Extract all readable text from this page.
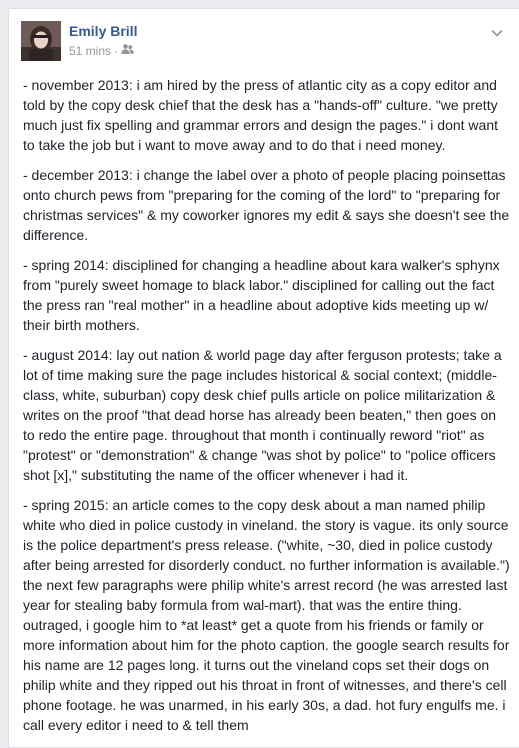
Emily Brill
51 mins ·

- november 2013: i am hired by the press of atlantic city as a copy editor and told by the copy desk chief that the desk has a "hands-off" culture. "we pretty much just fix spelling and grammar errors and design the pages." i dont want to take the job but i want to move away and to do that i need money.

- december 2013: i change the label over a photo of people placing poinsettas onto church pews from "preparing for the coming of the lord" to "preparing for christmas services" & my coworker ignores my edit & says she doesn't see the difference.

- spring 2014: disciplined for changing a headline about kara walker's sphynx from "purely sweet homage to black labor." disciplined for calling out the fact the press ran "real mother" in a headline about adoptive kids meeting up w/ their birth mothers.

- august 2014: lay out nation & world page day after ferguson protests; take a lot of time making sure the page includes historical & social context; (middle-class, white, suburban) copy desk chief pulls article on police militarization & writes on the proof "that dead horse has already been beaten," then goes on to redo the entire page. throughout that month i continually reword "riot" as "protest" or "demonstration" & change "was shot by police" to "police officers shot [x]," substituting the name of the officer whenever i had it.

- spring 2015: an article comes to the copy desk about a man named philip white who died in police custody in vineland. the story is vague. its only source is the police department's press release. ("white, ~30, died in police custody after being arrested for disorderly conduct. no further information is available.") the next few paragraphs were philip white's arrest record (he was arrested last year for stealing baby formula from wal-mart). that was the entire thing. outraged, i google him to *at least* get a quote from his friends or family or more information about him for the photo caption. the google search results for his name are 12 pages long. it turns out the vineland cops set their dogs on philip white and they ripped out his throat in front of witnesses, and there's cell phone footage. he was unarmed, in his early 30s, a dad. hot fury engulfs me. i call every editor i need to & tell them
